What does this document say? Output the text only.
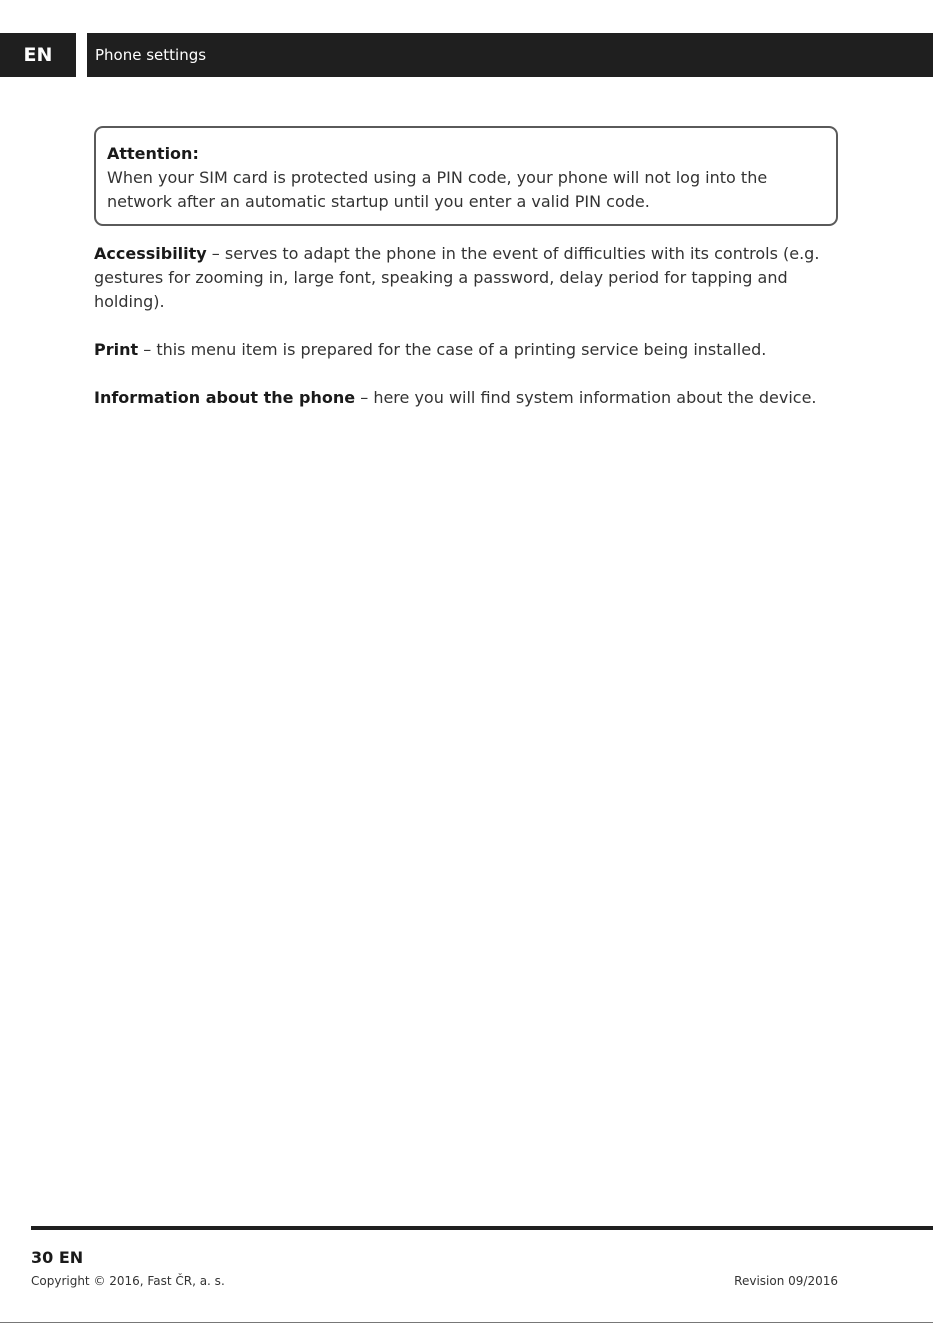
EN	Phone settings
Attention:
When your SIM card is protected using a PIN code, your phone will not log into the
network after an automatic startup until you enter a valid PIN code.
Accessibility – serves to adapt the phone in the event of difficulties with its controls (e.g. gestures for zooming in, large font, speaking a password, delay period for tapping and holding).
Print – this menu item is prepared for the case of a printing service being installed.
Information about the phone – here you will find system information about the device.
30 EN
Copyright © 2016, Fast ČR, a. s.	Revision 09/2016
